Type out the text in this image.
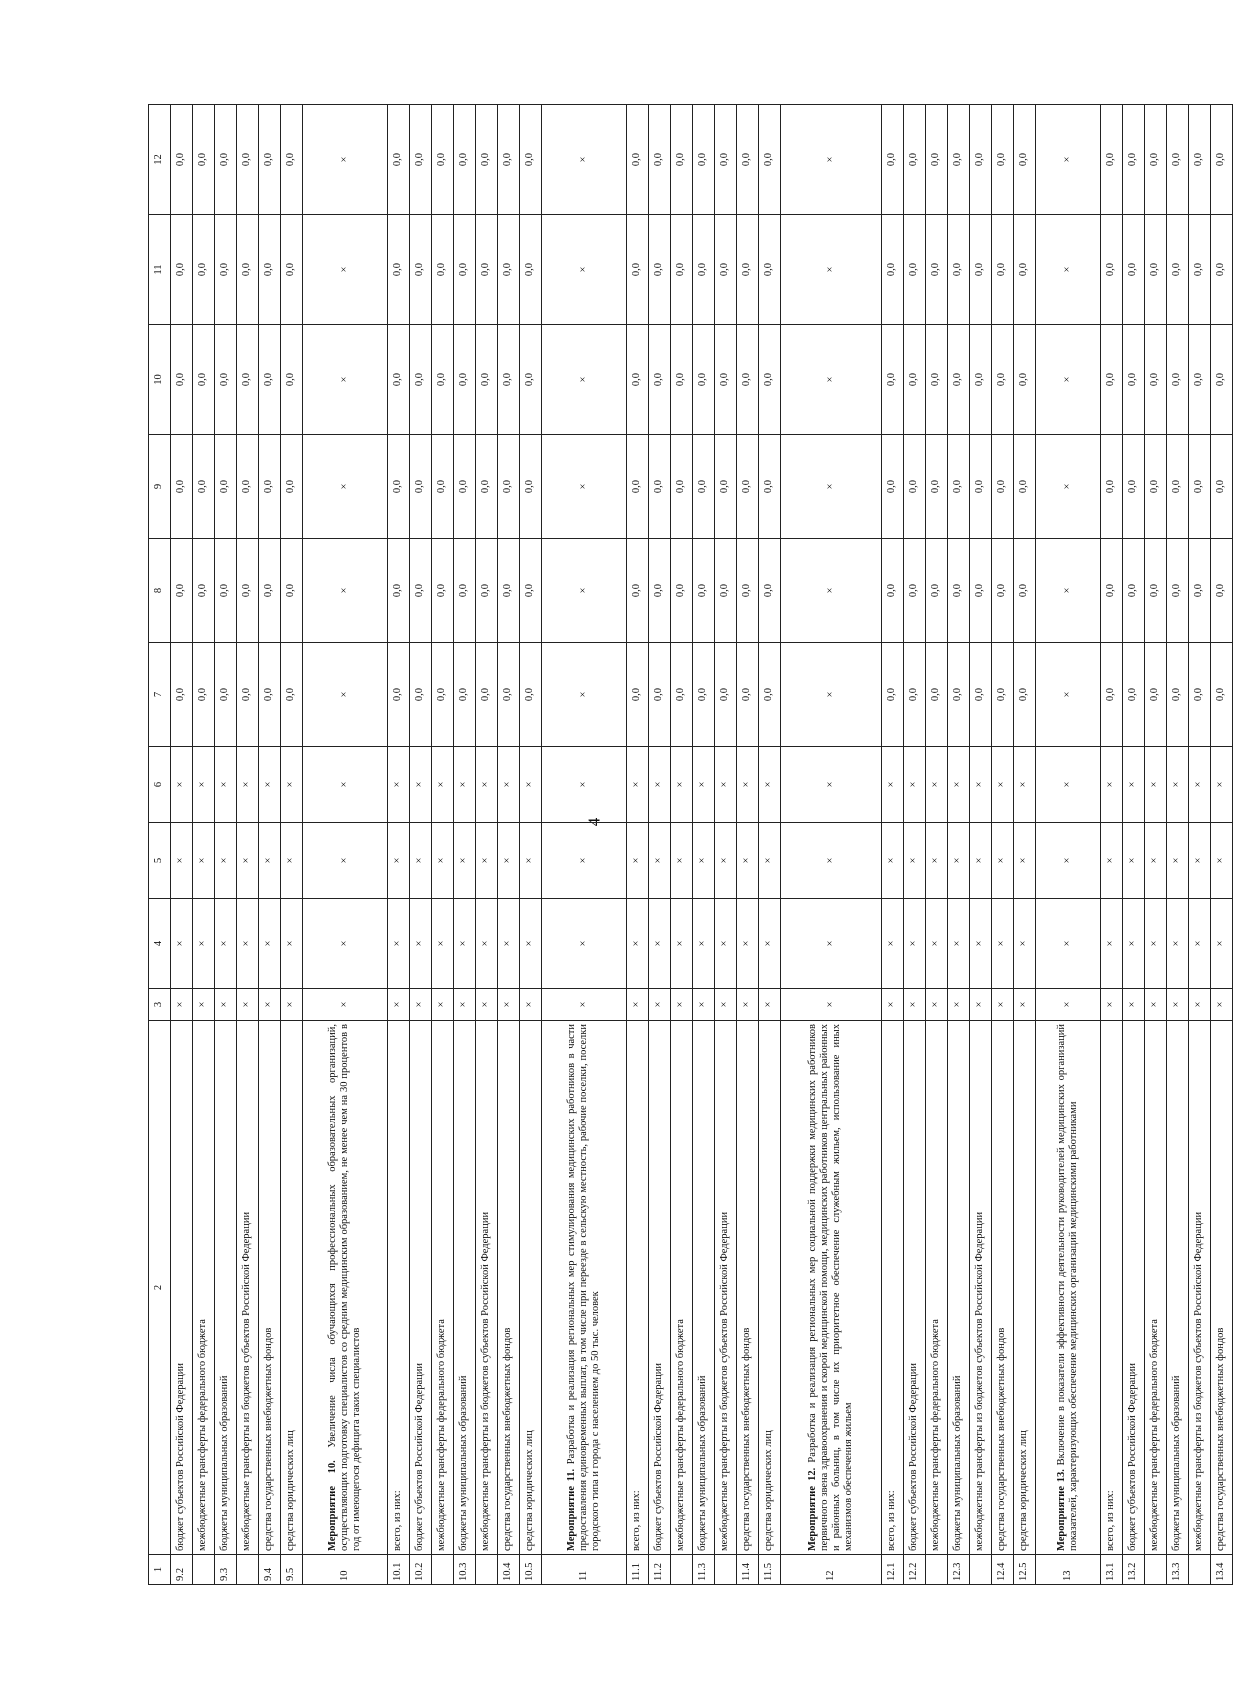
4
1	2	3	4	5	6	7	8	9	10	11	12
9.2	бюджет субъектов Российской Федерации	×	×	×	×	0,0	0,0	0,0	0,0	0,0	0,0
	межбюджетные трансферты федерального бюджета	×	×	×	×	0,0	0,0	0,0	0,0	0,0	0,0
9.3	бюджеты муниципальных образований	×	×	×	×	0,0	0,0	0,0	0,0	0,0	0,0
	межбюджетные трансферты из бюджетов субъектов Российской Федерации	×	×	×	×	0,0	0,0	0,0	0,0	0,0	0,0
9.4	средства государственных внебюджетных фондов	×	×	×	×	0,0	0,0	0,0	0,0	0,0	0,0
9.5	средства юридических лиц	×	×	×	×	0,0	0,0	0,0	0,0	0,0	0,0
10	Мероприятие 10. Увеличение числа обучающихся профессиональных образовательных организаций, осуществляющих подготовку специалистов со средним медицинским образованием, не менее чем на 30 процентов в год от имеющегося дефицита таких специалистов	×	×	×	×	×	×	×	×	×	×
10.1	всего, из них:	×	×	×	×	0,0	0,0	0,0	0,0	0,0	0,0
10.2	бюджет субъектов Российской Федерации	×	×	×	×	0,0	0,0	0,0	0,0	0,0	0,0
	межбюджетные трансферты федерального бюджета	×	×	×	×	0,0	0,0	0,0	0,0	0,0	0,0
10.3	бюджеты муниципальных образований	×	×	×	×	0,0	0,0	0,0	0,0	0,0	0,0
	межбюджетные трансферты из бюджетов субъектов Российской Федерации	×	×	×	×	0,0	0,0	0,0	0,0	0,0	0,0
10.4	средства государственных внебюджетных фондов	×	×	×	×	0,0	0,0	0,0	0,0	0,0	0,0
10.5	средства юридических лиц	×	×	×	×	0,0	0,0	0,0	0,0	0,0	0,0
11	Мероприятие 11. Разработка и реализация региональных мер стимулирования медицинских работников в части предоставления единовременных выплат, в том числе при переезде в сельскую местность, рабочие поселки, поселки городского типа и города с населением до 50 тыс. человек	×	×	×	×	×	×	×	×	×	×
11.1	всего, из них:	×	×	×	×	0,0	0,0	0,0	0,0	0,0	0,0
11.2	бюджет субъектов Российской Федерации	×	×	×	×	0,0	0,0	0,0	0,0	0,0	0,0
	межбюджетные трансферты федерального бюджета	×	×	×	×	0,0	0,0	0,0	0,0	0,0	0,0
11.3	бюджеты муниципальных образований	×	×	×	×	0,0	0,0	0,0	0,0	0,0	0,0
	межбюджетные трансферты из бюджетов субъектов Российской Федерации	×	×	×	×	0,0	0,0	0,0	0,0	0,0	0,0
11.4	средства государственных внебюджетных фондов	×	×	×	×	0,0	0,0	0,0	0,0	0,0	0,0
11.5	средства юридических лиц	×	×	×	×	0,0	0,0	0,0	0,0	0,0	0,0
12	Мероприятие 12. Разработка и реализация региональных мер социальной поддержки медицинских работников первичного звена здравоохранения и скорой медицинской помощи, медицинских работников центральных районных и районных больниц, в том числе их приоритетное обеспечение служебным жильем, использование иных механизмов обеспечения жильем	×	×	×	×	×	×	×	×	×	×
12.1	всего, из них:	×	×	×	×	0,0	0,0	0,0	0,0	0,0	0,0
12.2	бюджет субъектов Российской Федерации	×	×	×	×	0,0	0,0	0,0	0,0	0,0	0,0
	межбюджетные трансферты федерального бюджета	×	×	×	×	0,0	0,0	0,0	0,0	0,0	0,0
12.3	бюджеты муниципальных образований	×	×	×	×	0,0	0,0	0,0	0,0	0,0	0,0
	межбюджетные трансферты из бюджетов субъектов Российской Федерации	×	×	×	×	0,0	0,0	0,0	0,0	0,0	0,0
12.4	средства государственных внебюджетных фондов	×	×	×	×	0,0	0,0	0,0	0,0	0,0	0,0
12.5	средства юридических лиц	×	×	×	×	0,0	0,0	0,0	0,0	0,0	0,0
13	Мероприятие 13. Включение в показатели эффективности деятельности руководителей медицинских организаций показателей, характеризующих обеспечение медицинских организаций медицинскими работниками	×	×	×	×	×	×	×	×	×	×
13.1	всего, из них:	×	×	×	×	0,0	0,0	0,0	0,0	0,0	0,0
13.2	бюджет субъектов Российской Федерации	×	×	×	×	0,0	0,0	0,0	0,0	0,0	0,0
	межбюджетные трансферты федерального бюджета	×	×	×	×	0,0	0,0	0,0	0,0	0,0	0,0
13.3	бюджеты муниципальных образований	×	×	×	×	0,0	0,0	0,0	0,0	0,0	0,0
	межбюджетные трансферты из бюджетов субъектов Российской Федерации	×	×	×	×	0,0	0,0	0,0	0,0	0,0	0,0
13.4	средства государственных внебюджетных фондов	×	×	×	×	0,0	0,0	0,0	0,0	0,0	0,0
